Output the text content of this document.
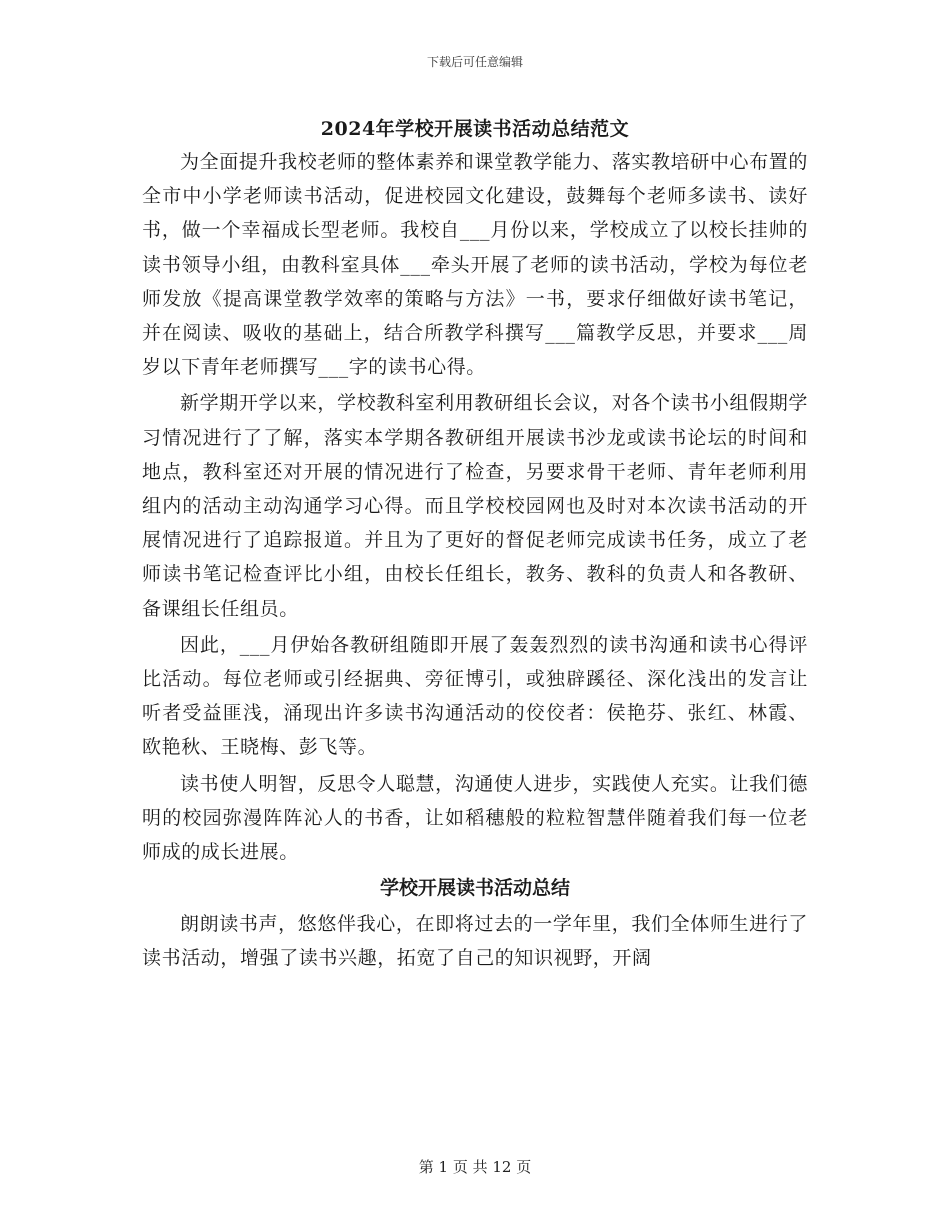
下载后可任意编辑
2024年学校开展读书活动总结范文

为全面提升我校老师的整体素养和课堂教学能力、落实教培研中心布置的全市中小学老师读书活动，促进校园文化建设，鼓舞每个老师多读书、读好书，做一个幸福成长型老师。我校自___月份以来，学校成立了以校长挂帅的读书领导小组，由教科室具体___牵头开展了老师的读书活动，学校为每位老师发放《提高课堂教学效率的策略与方法》一书，要求仔细做好读书笔记，并在阅读、吸收的基础上，结合所教学科撰写___篇教学反思，并要求___周岁以下青年老师撰写___字的读书心得。

新学期开学以来，学校教科室利用教研组长会议，对各个读书小组假期学习情况进行了了解，落实本学期各教研组开展读书沙龙或读书论坛的时间和地点，教科室还对开展的情况进行了检查，另要求骨干老师、青年老师利用组内的活动主动沟通学习心得。而且学校校园网也及时对本次读书活动的开展情况进行了追踪报道。并且为了更好的督促老师完成读书任务，成立了老师读书笔记检查评比小组，由校长任组长，教务、教科的负责人和各教研、备课组长任组员。

因此，___月伊始各教研组随即开展了轰轰烈烈的读书沟通和读书心得评比活动。每位老师或引经据典、旁征博引，或独辟蹊径、深化浅出的发言让听者受益匪浅，涌现出许多读书沟通活动的佼佼者：侯艳芬、张红、林霞、欧艳秋、王晓梅、彭飞等。

读书使人明智，反思令人聪慧，沟通使人进步，实践使人充实。让我们德明的校园弥漫阵阵沁人的书香，让如稻穗般的粒粒智慧伴随着我们每一位老师成的成长进展。

学校开展读书活动总结

朗朗读书声，悠悠伴我心，在即将过去的一学年里，我们全体师生进行了读书活动，增强了读书兴趣，拓宽了自己的知识视野，开阔

第 1 页 共 12 页
